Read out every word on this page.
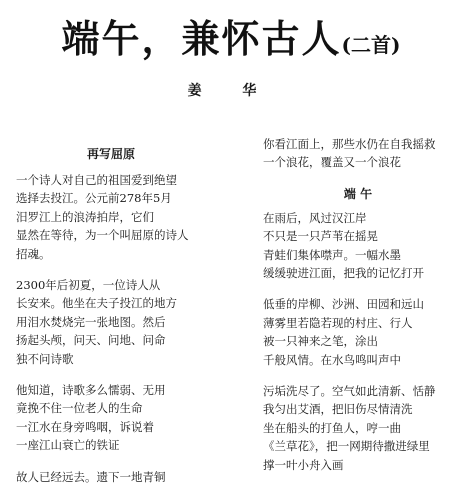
端午，兼怀古人(二首)
姜 华
再写屈原
一个诗人对自己的祖国爱到绝望
选择去投江。公元前278年5月
汨罗江上的浪涛拍岸，它们
显然在等待，为一个叫屈原的诗人
招魂。
2300年后初夏，一位诗人从
长安来。他坐在夫子投江的地方
用泪水焚烧完一张地图。然后
扬起头颅，问天、问地、问命
独不问诗歌
他知道，诗歌多么懦弱、无用
竟挽不住一位老人的生命
一江水在身旁鸣咽，诉说着
一座江山衰亡的铁证
故人已经远去。遗下一地青铜
你看江面上，那些水仍在自我摇救
一个浪花，覆盖又一个浪花
端 午
在雨后，风过汉江岸
不只是一只芦苇在摇晃
青蛙们集体噤声。一幅水墨
缓缓驶进江面，把我的记忆打开
低垂的岸柳、沙洲、田园和远山
薄雾里若隐若现的村庄、行人
被一只神来之笔，涂出
千般风情。在水鸟鸣叫声中
污垢洗尽了。空气如此清新、恬静
我匀出艾酒，把旧伤尽情清洗
坐在船头的打鱼人，哼一曲
《兰草花》，把一网期待撒进绿里
撑一叶小舟入画
